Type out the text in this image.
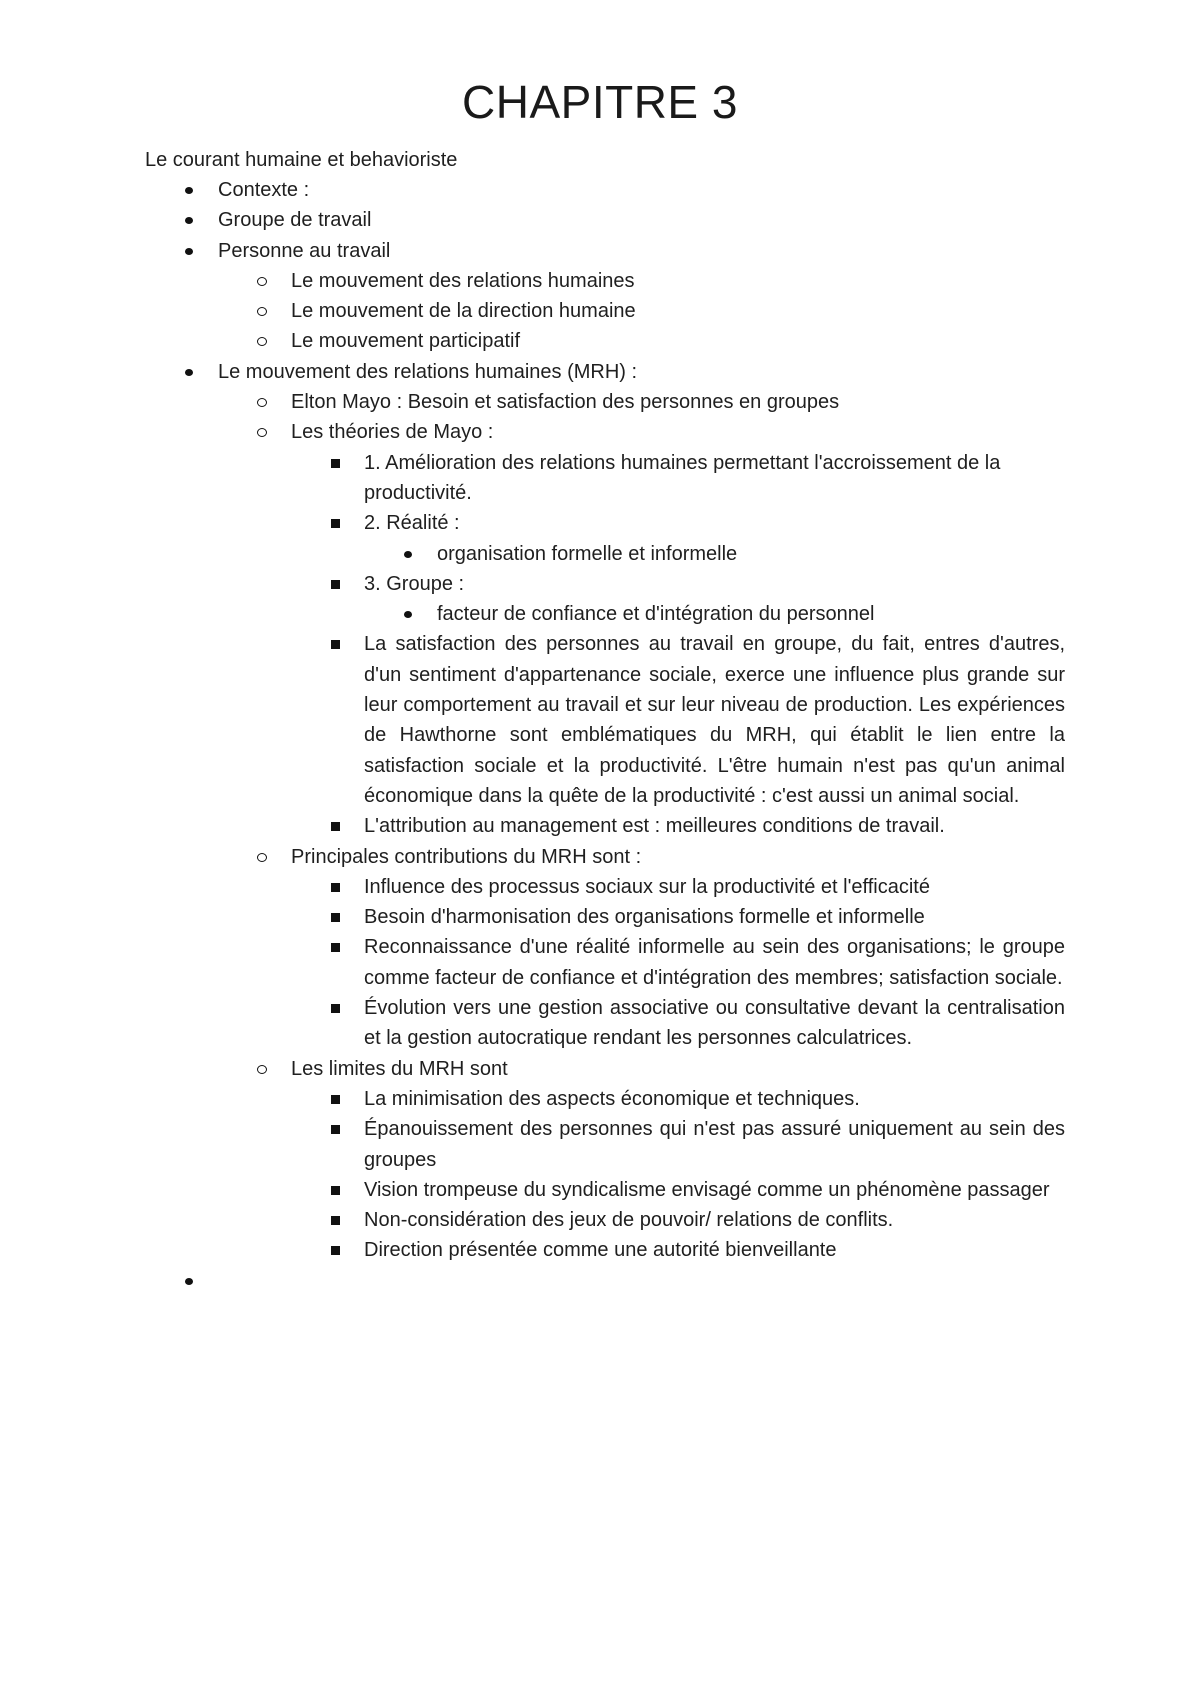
CHAPITRE 3
Le courant humaine et behavioriste
Contexte :
Groupe de travail
Personne au travail
Le mouvement des relations humaines
Le mouvement de la direction humaine
Le mouvement participatif
Le mouvement des relations humaines (MRH) :
Elton Mayo : Besoin et satisfaction des personnes en groupes
Les théories de Mayo :
1. Amélioration des relations humaines permettant l'accroissement de la productivité.
2. Réalité :
organisation formelle et informelle
3. Groupe :
facteur de confiance et d'intégration du personnel
La satisfaction des personnes au travail en groupe, du fait, entres d'autres, d'un sentiment d'appartenance sociale, exerce une influence plus grande sur leur comportement au travail et sur leur niveau de production. Les expériences de Hawthorne sont emblématiques du MRH, qui établit le lien entre la satisfaction sociale et la productivité. L'être humain n'est pas qu'un animal économique dans la quête de la productivité : c'est aussi un animal social.
L'attribution au management est : meilleures conditions de travail.
Principales contributions du MRH sont :
Influence des processus sociaux sur la productivité et l'efficacité
Besoin d'harmonisation des organisations formelle et informelle
Reconnaissance d'une réalité informelle au sein des organisations; le groupe comme facteur de confiance et d'intégration des membres; satisfaction sociale.
Évolution vers une gestion associative ou consultative devant la centralisation et la gestion autocratique rendant les personnes calculatrices.
Les limites du MRH sont
La minimisation des aspects économique et techniques.
Épanouissement des personnes qui n'est pas assuré uniquement au sein des groupes
Vision trompeuse du syndicalisme envisagé comme un phénomène passager
Non-considération des jeux de pouvoir/ relations de conflits.
Direction présentée comme une autorité bienveillante
